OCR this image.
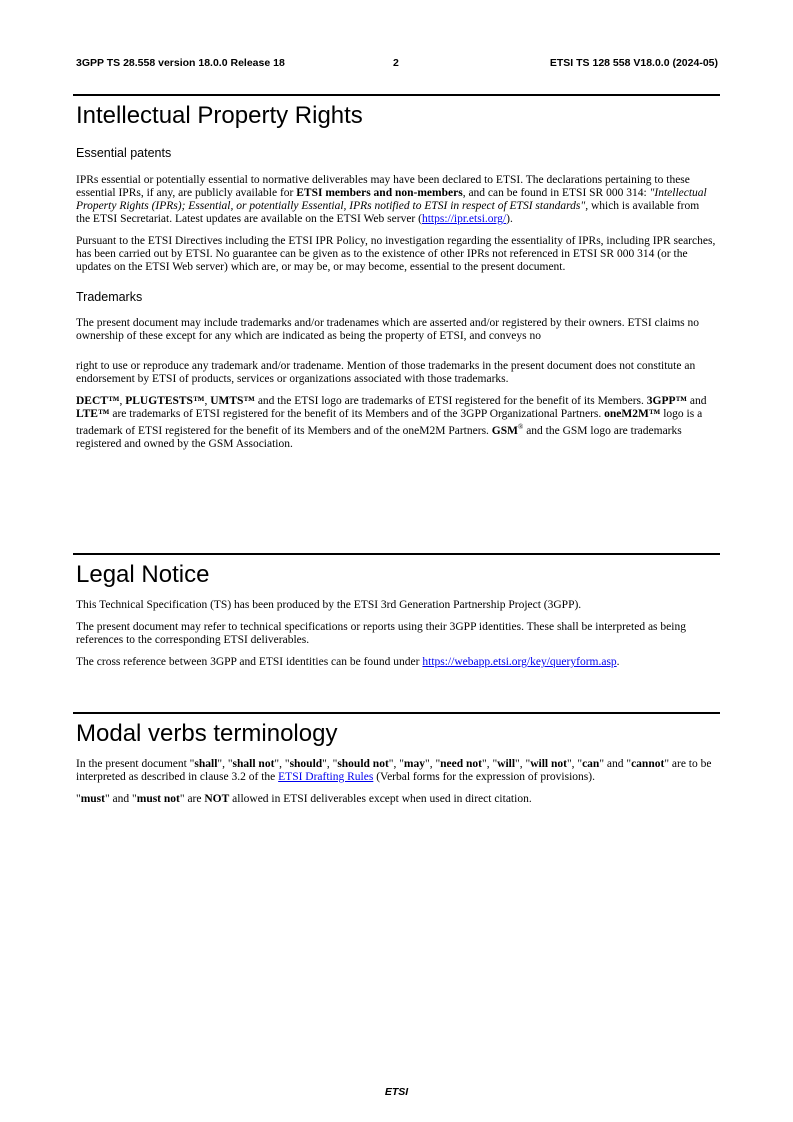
3GPP TS 28.558 version 18.0.0 Release 18	2	ETSI TS 128 558 V18.0.0 (2024-05)
Intellectual Property Rights
Essential patents

IPRs essential or potentially essential to normative deliverables may have been declared to ETSI. The declarations pertaining to these essential IPRs, if any, are publicly available for ETSI members and non-members, and can be found in ETSI SR 000 314: "Intellectual Property Rights (IPRs); Essential, or potentially Essential, IPRs notified to ETSI in respect of ETSI standards", which is available from the ETSI Secretariat. Latest updates are available on the ETSI Web server (https://ipr.etsi.org/).

Pursuant to the ETSI Directives including the ETSI IPR Policy, no investigation regarding the essentiality of IPRs, including IPR searches, has been carried out by ETSI. No guarantee can be given as to the existence of other IPRs not referenced in ETSI SR 000 314 (or the updates on the ETSI Web server) which are, or may be, or may become, essential to the present document.

Trademarks

The present document may include trademarks and/or tradenames which are asserted and/or registered by their owners. ETSI claims no ownership of these except for any which are indicated as being the property of ETSI, and conveys no

right to use or reproduce any trademark and/or tradename. Mention of those trademarks in the present document does not constitute an endorsement by ETSI of products, services or organizations associated with those trademarks.

DECT™, PLUGTESTS™, UMTS™ and the ETSI logo are trademarks of ETSI registered for the benefit of its Members. 3GPP™ and LTE™ are trademarks of ETSI registered for the benefit of its Members and of the 3GPP Organizational Partners. oneM2M™ logo is a trademark of ETSI registered for the benefit of its Members and of the oneM2M Partners. GSM® and the GSM logo are trademarks registered and owned by the GSM Association.

Legal Notice

This Technical Specification (TS) has been produced by the ETSI 3rd Generation Partnership Project (3GPP).

The present document may refer to technical specifications or reports using their 3GPP identities. These shall be interpreted as being references to the corresponding ETSI deliverables.

The cross reference between 3GPP and ETSI identities can be found under https://webapp.etsi.org/key/queryform.asp.

Modal verbs terminology

In the present document "shall", "shall not", "should", "should not", "may", "need not", "will", "will not", "can" and "cannot" are to be interpreted as described in clause 3.2 of the ETSI Drafting Rules (Verbal forms for the expression of provisions).

"must" and "must not" are NOT allowed in ETSI deliverables except when used in direct citation.

ETSI
